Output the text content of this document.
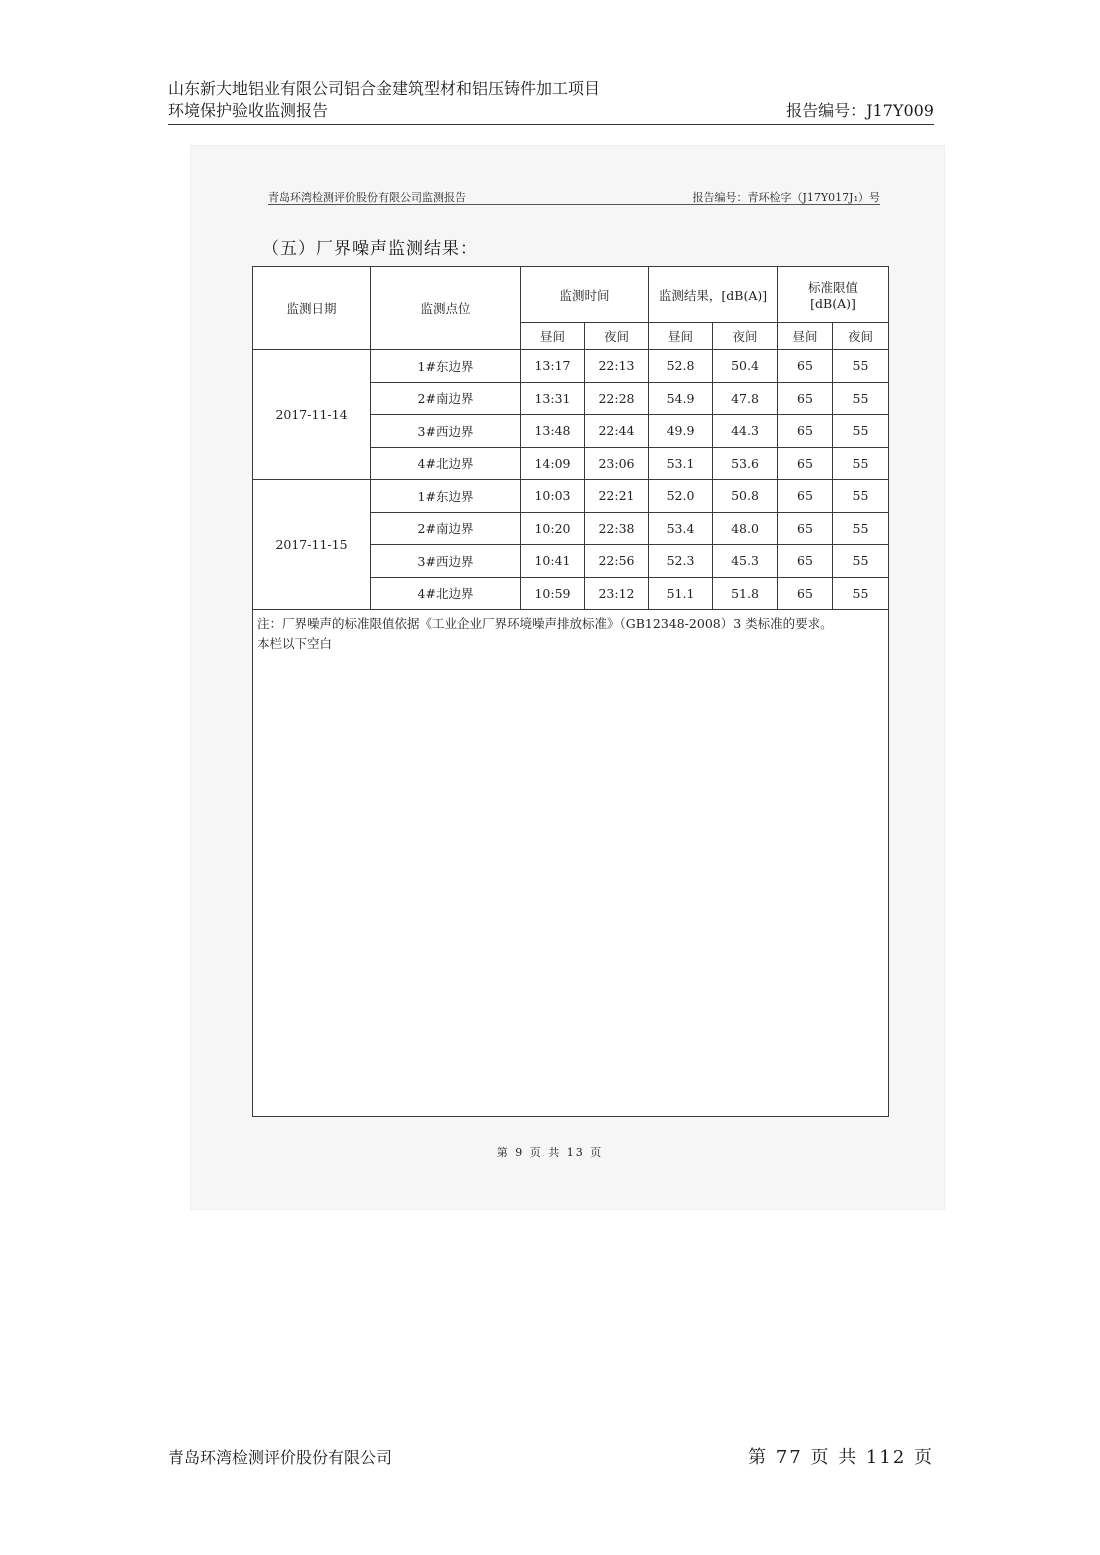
山东新大地铝业有限公司铝合金建筑型材和铝压铸件加工项目
环境保护验收监测报告	报告编号：J17Y009
青岛环湾检测评价股份有限公司监测报告	报告编号：青环检字（J17Y017J₁）号
（五）厂界噪声监测结果：
监测日期	监测点位	监测时间		监测结果，[dB(A)]		标准限值
[dB(A)]	

		昼间	夜间	昼间	夜间	昼间	夜间
2017-11-14	1#东边界	13:17	22:13	52.8	50.4	65	55
	2#南边界	13:31	22:28	54.9	47.8	65	55
	3#西边界	13:48	22:44	49.9	44.3	65	55
	4#北边界	14:09	23:06	53.1	53.6	65	55
2017-11-15	1#东边界	10:03	22:21	52.0	50.8	65	55
	2#南边界	10:20	22:38	53.4	48.0	65	55
	3#西边界	10:41	22:56	52.3	45.3	65	55
	4#北边界	10:59	23:12	51.1	51.8	65	55

注：厂界噪声的标准限值依据《工业企业厂界环境噪声排放标准》（GB12348-2008）3 类标准的要求。
本栏以下空白							
第 9 页 共 13 页
青岛环湾检测评价股份有限公司	第 77 页 共 112 页
